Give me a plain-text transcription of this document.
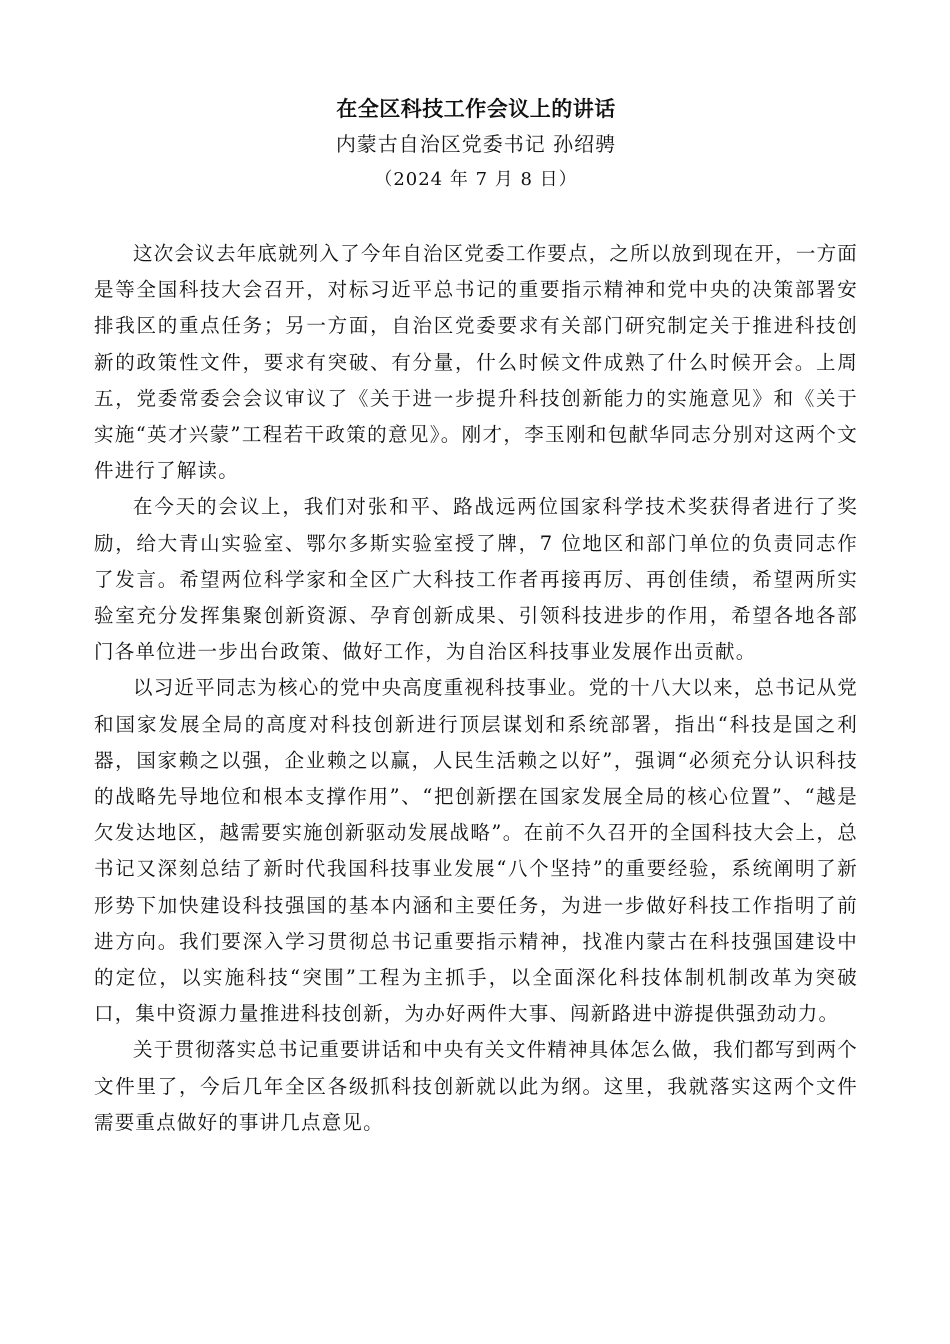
在全区科技工作会议上的讲话

内蒙古自治区党委书记 孙绍骋

（2024 年 7 月 8 日）

这次会议去年底就列入了今年自治区党委工作要点，之所以放到现在开，一方面是等全国科技大会召开，对标习近平总书记的重要指示精神和党中央的决策部署安排我区的重点任务；另一方面，自治区党委要求有关部门研究制定关于推进科技创新的政策性文件，要求有突破、有分量，什么时候文件成熟了什么时候开会。上周五，党委常委会会议审议了《关于进一步提升科技创新能力的实施意见》和《关于实施“英才兴蒙”工程若干政策的意见》。刚才，李玉刚和包献华同志分别对这两个文件进行了解读。

在今天的会议上，我们对张和平、路战远两位国家科学技术奖获得者进行了奖励，给大青山实验室、鄂尔多斯实验室授了牌，7 位地区和部门单位的负责同志作了发言。希望两位科学家和全区广大科技工作者再接再厉、再创佳绩，希望两所实验室充分发挥集聚创新资源、孕育创新成果、引领科技进步的作用，希望各地各部门各单位进一步出台政策、做好工作，为自治区科技事业发展作出贡献。

以习近平同志为核心的党中央高度重视科技事业。党的十八大以来，总书记从党和国家发展全局的高度对科技创新进行顶层谋划和系统部署，指出“科技是国之利器，国家赖之以强，企业赖之以赢，人民生活赖之以好”，强调“必须充分认识科技的战略先导地位和根本支撑作用”、“把创新摆在国家发展全局的核心位置”、“越是欠发达地区，越需要实施创新驱动发展战略”。在前不久召开的全国科技大会上，总书记又深刻总结了新时代我国科技事业发展“八个坚持”的重要经验，系统阐明了新形势下加快建设科技强国的基本内涵和主要任务，为进一步做好科技工作指明了前进方向。我们要深入学习贯彻总书记重要指示精神，找准内蒙古在科技强国建设中的定位，以实施科技“突围”工程为主抓手，以全面深化科技体制机制改革为突破口，集中资源力量推进科技创新，为办好两件大事、闯新路进中游提供强劲动力。

关于贯彻落实总书记重要讲话和中央有关文件精神具体怎么做，我们都写到两个文件里了，今后几年全区各级抓科技创新就以此为纲。这里，我就落实这两个文件需要重点做好的事讲几点意见。
